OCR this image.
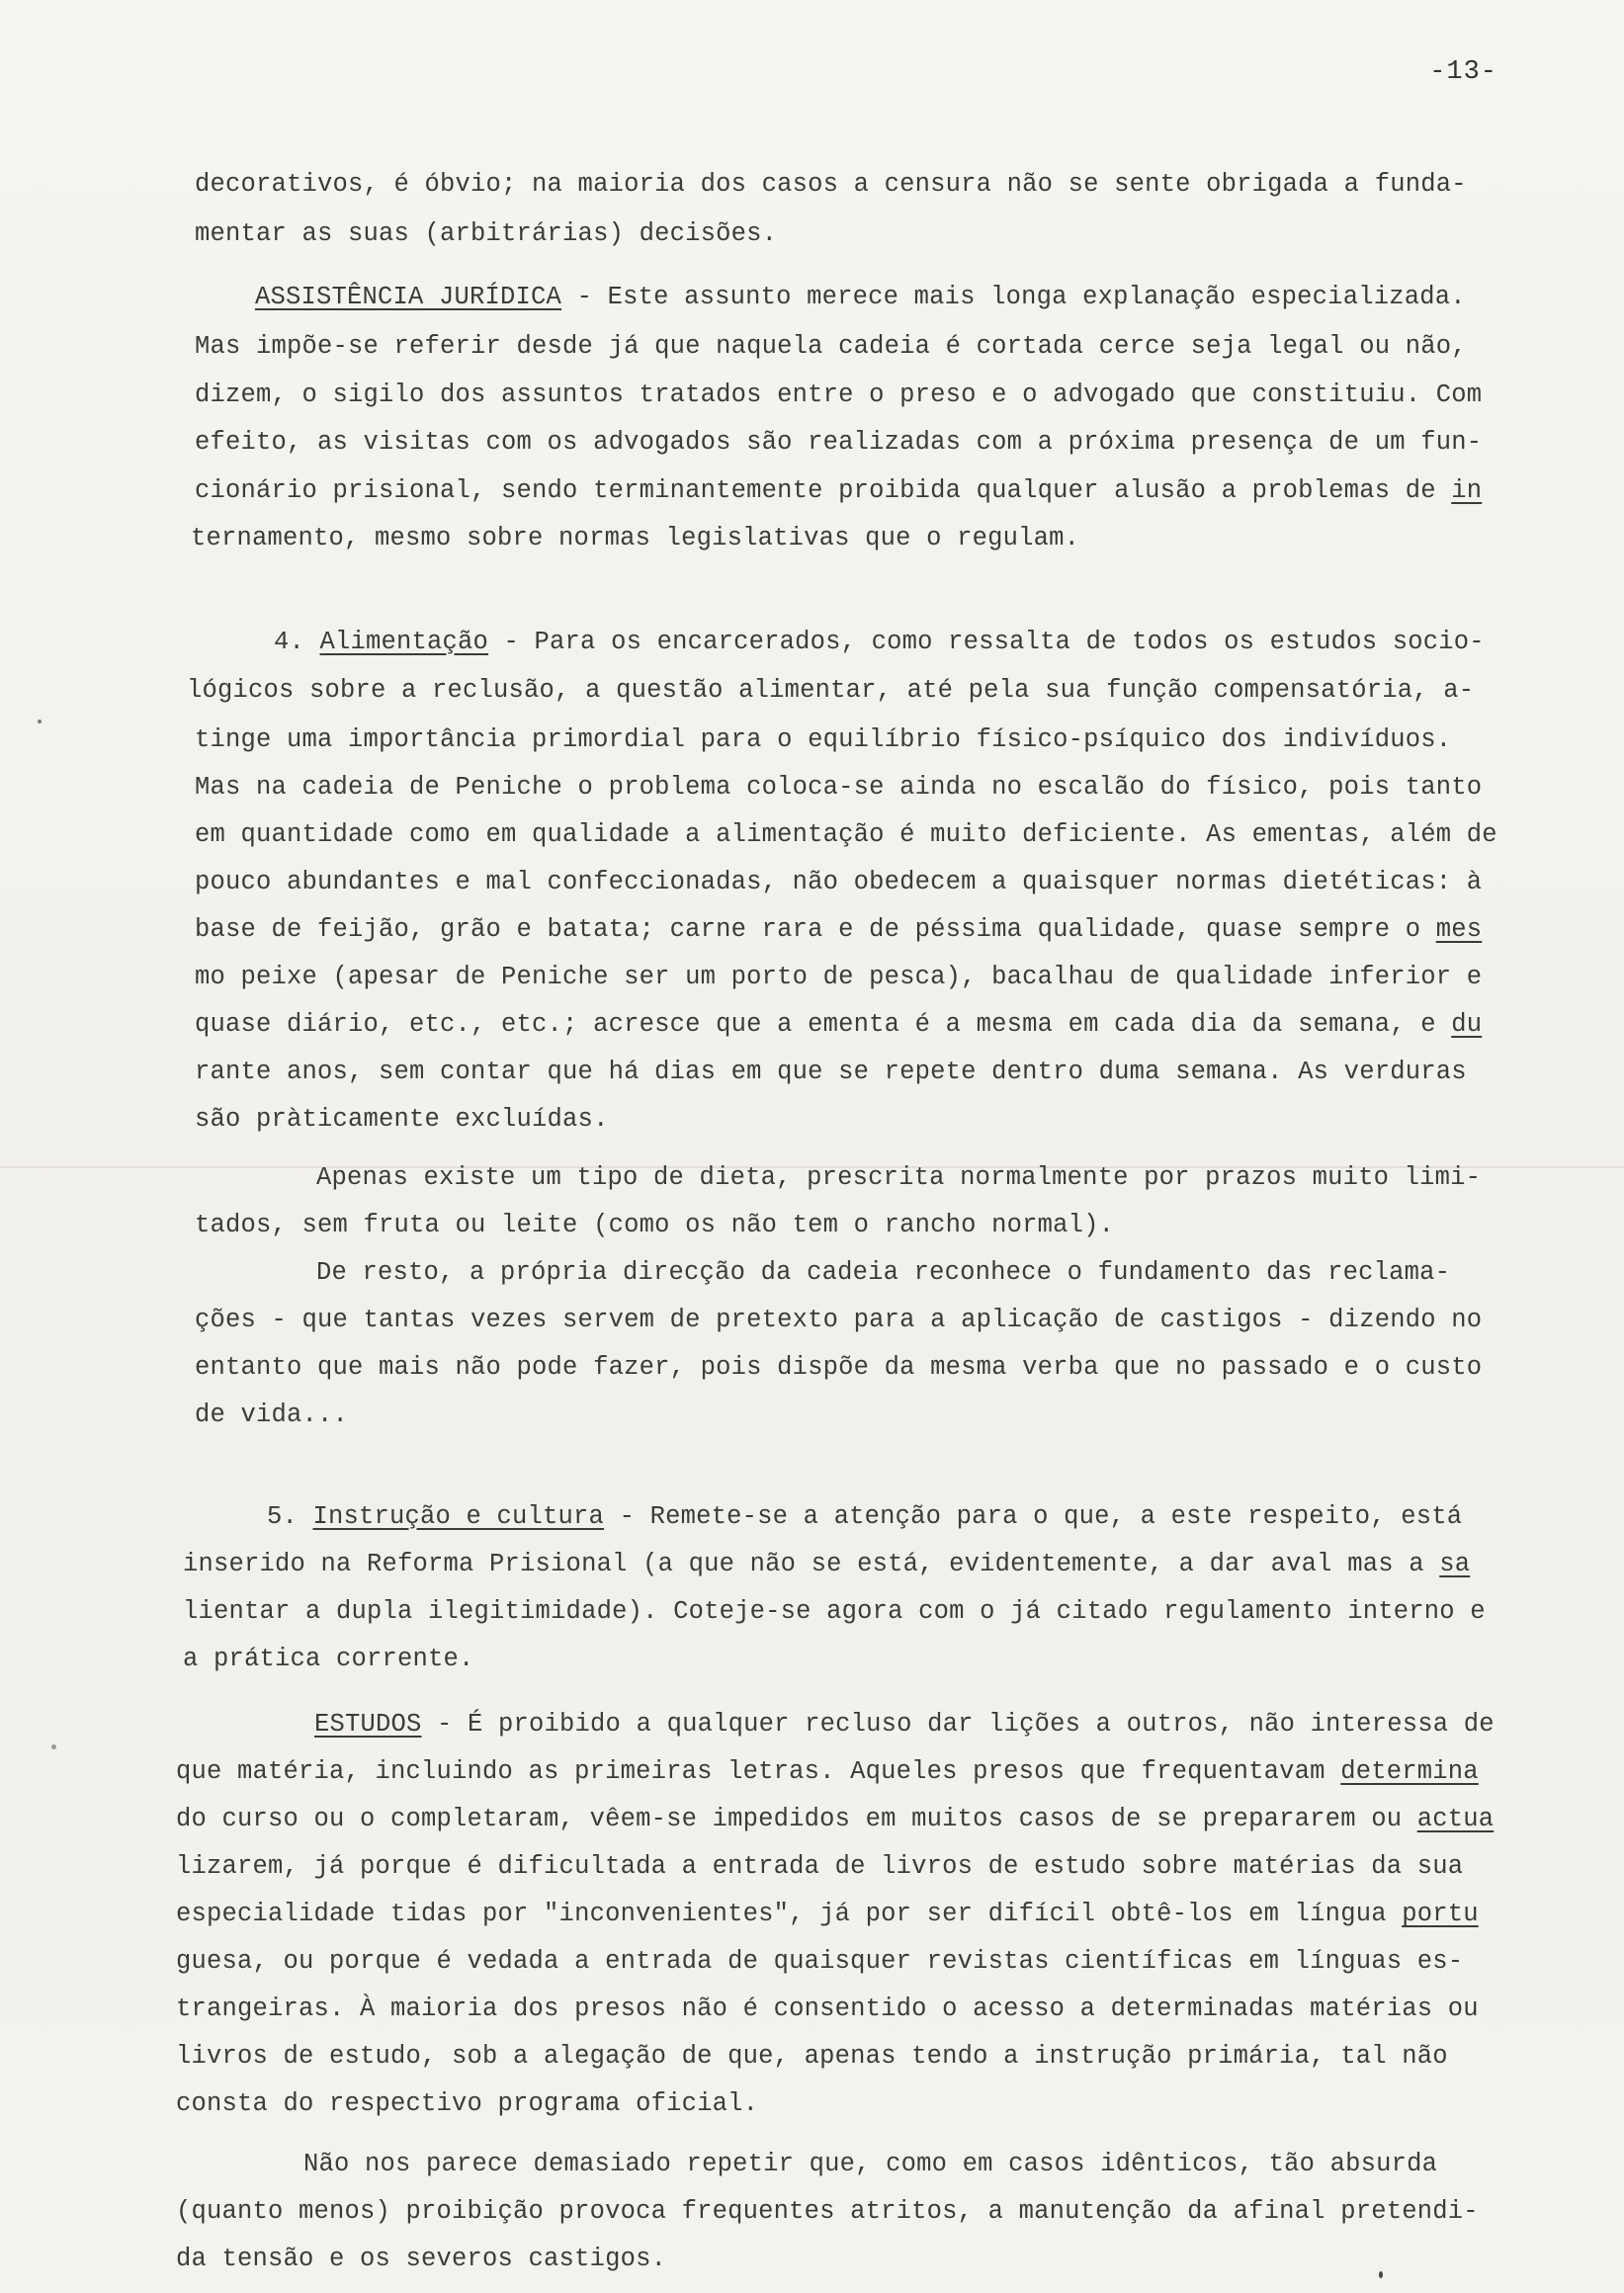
-13-
decorativos, é óbvio; na maioria dos casos a censura não se sente obrigada a funda-
mentar as suas (arbitrárias) decisões.
ASSISTÊNCIA JURÍDICA - Este assunto merece mais longa explanação especializada.
Mas impõe-se referir desde já que naquela cadeia é cortada cerce seja legal ou não,
dizem, o sigilo dos assuntos tratados entre o preso e o advogado que constituiu. Com
efeito, as visitas com os advogados são realizadas com a próxima presença de um fun-
cionário prisional, sendo terminantemente proibida qualquer alusão a problemas de in
ternamento, mesmo sobre normas legislativas que o regulam.
4. Alimentação - Para os encarcerados, como ressalta de todos os estudos socio-
lógicos sobre a reclusão, a questão alimentar, até pela sua função compensatória, a-
tinge uma importância primordial para o equilíbrio físico-psíquico dos indivíduos.
Mas na cadeia de Peniche o problema coloca-se ainda no escalão do físico, pois tanto
em quantidade como em qualidade a alimentação é muito deficiente. As ementas, além de
pouco abundantes e mal confeccionadas, não obedecem a quaisquer normas dietéticas: à
base de feijão, grão e batata; carne rara e de péssima qualidade, quase sempre o mes
mo peixe (apesar de Peniche ser um porto de pesca), bacalhau de qualidade inferior e
quase diário, etc., etc.; acresce que a ementa é a mesma em cada dia da semana, e du
rante anos, sem contar que há dias em que se repete dentro duma semana. As verduras
são pràticamente excluídas.
Apenas existe um tipo de dieta, prescrita normalmente por prazos muito limi-
tados, sem fruta ou leite (como os não tem o rancho normal).
De resto, a própria direcção da cadeia reconhece o fundamento das reclama-
ções - que tantas vezes servem de pretexto para a aplicação de castigos - dizendo no
entanto que mais não pode fazer, pois dispõe da mesma verba que no passado e o custo
de vida...
5. Instrução e cultura - Remete-se a atenção para o que, a este respeito, está
inserido na Reforma Prisional (a que não se está, evidentemente, a dar aval mas a sa
lientar a dupla ilegitimidade). Coteje-se agora com o já citado regulamento interno e
a prática corrente.
ESTUDOS - É proibido a qualquer recluso dar lições a outros, não interessa de
que matéria, incluindo as primeiras letras. Aqueles presos que frequentavam determina
do curso ou o completaram, vêem-se impedidos em muitos casos de se prepararem ou actua
lizarem, já porque é dificultada a entrada de livros de estudo sobre matérias da sua
especialidade tidas por "inconvenientes", já por ser difícil obtê-los em língua portu
guesa, ou porque é vedada a entrada de quaisquer revistas científicas em línguas es-
trangeiras. À maioria dos presos não é consentido o acesso a determinadas matérias ou
livros de estudo, sob a alegação de que, apenas tendo a instrução primária, tal não
consta do respectivo programa oficial.
Não nos parece demasiado repetir que, como em casos idênticos, tão absurda
(quanto menos) proibição provoca frequentes atritos, a manutenção da afinal pretendi-
da tensão e os severos castigos.
